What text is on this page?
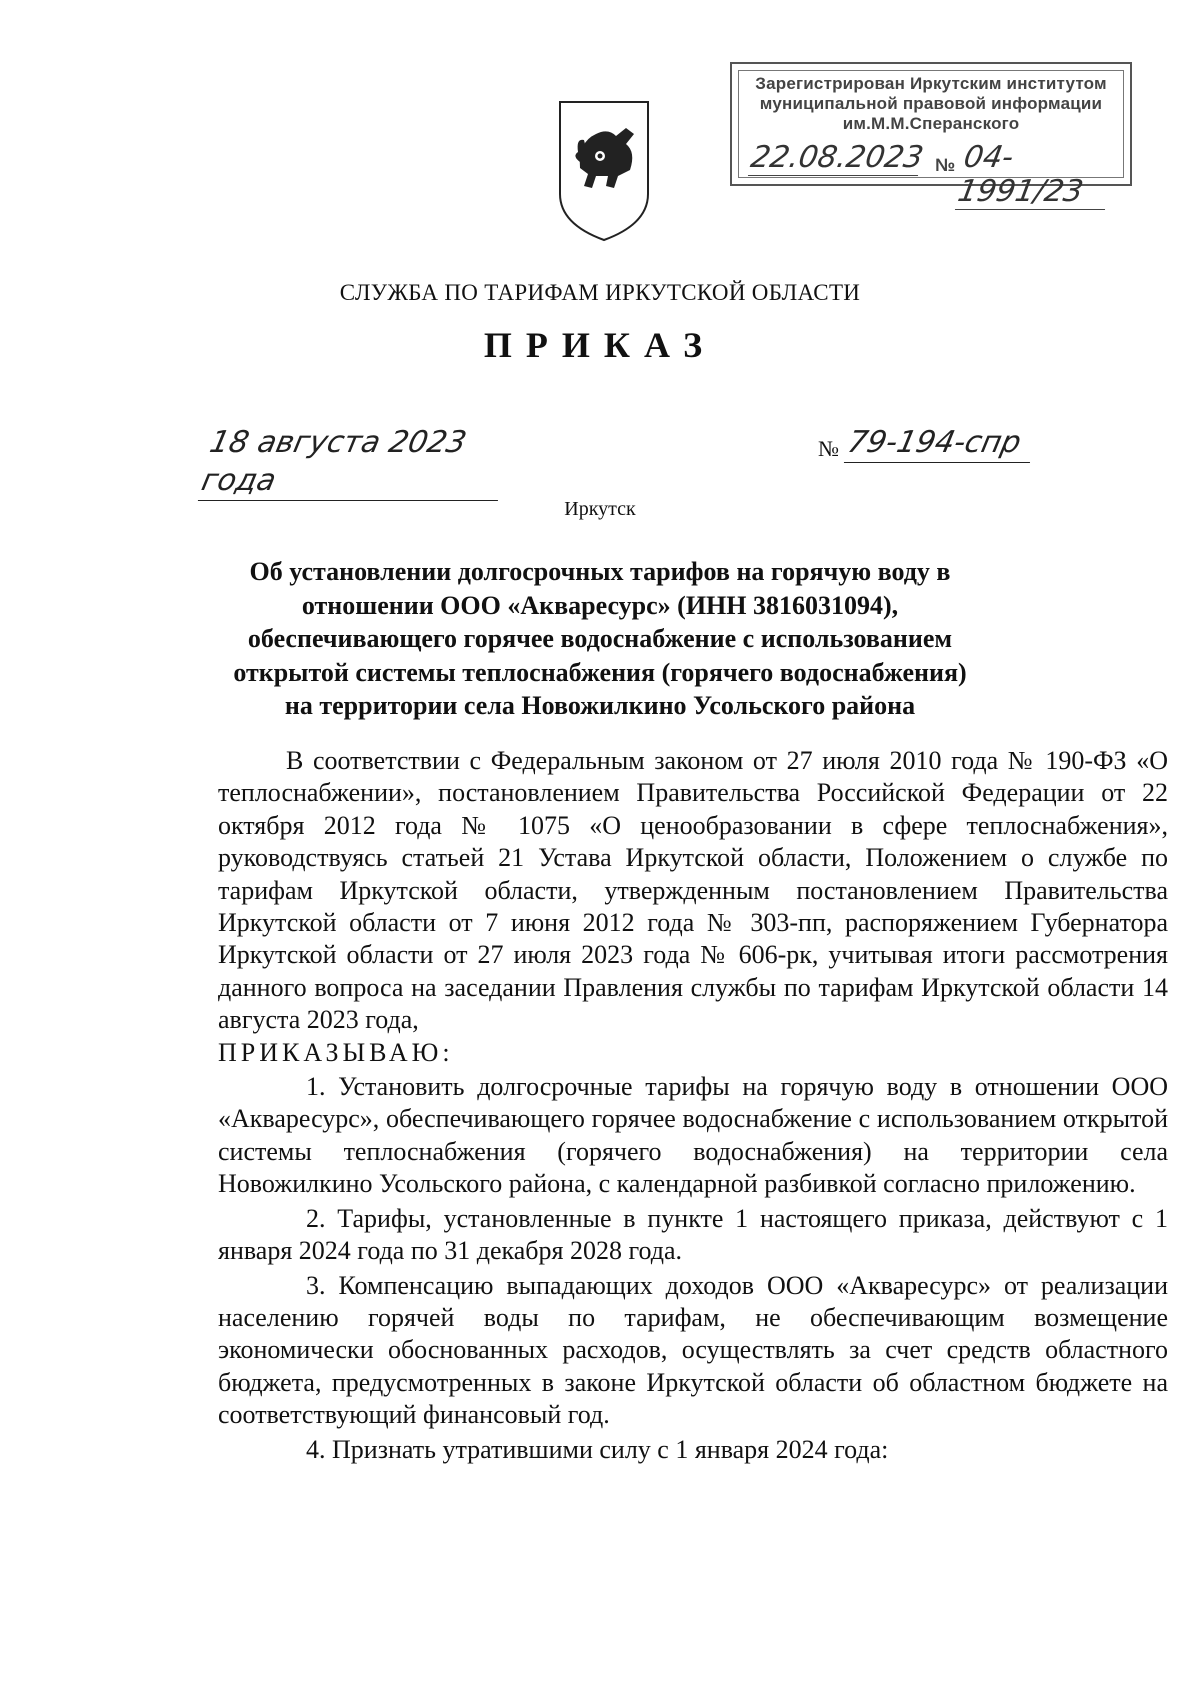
Зарегистрирован Иркутским институтом
муниципальной правовой информации
им.М.М.Сперанского
22.08.2023 № 04-1991/23
СЛУЖБА ПО ТАРИФАМ ИРКУТСКОЙ ОБЛАСТИ
ПРИКАЗ
18 августа 2023 года
№ 79-194-спр
Иркутск
Об установлении долгосрочных тарифов на горячую воду в отношении ООО «Акваресурс» (ИНН 3816031094), обеспечивающего горячее водоснабжение с использованием открытой системы теплоснабжения (горячего водоснабжения) на территории села Новожилкино Усольского района

В соответствии с Федеральным законом от 27 июля 2010 года № 190-ФЗ «О теплоснабжении», постановлением Правительства Российской Федерации от 22 октября 2012 года № 1075 «О ценообразовании в сфере теплоснабжения», руководствуясь статьей 21 Устава Иркутской области, Положением о службе по тарифам Иркутской области, утвержденным постановлением Правительства Иркутской области от 7 июня 2012 года № 303-пп, распоряжением Губернатора Иркутской области от 27 июля 2023 года № 606-рк, учитывая итоги рассмотрения данного вопроса на заседании Правления службы по тарифам Иркутской области 14 августа 2023 года,

ПРИКАЗЫВАЮ:

1. Установить долгосрочные тарифы на горячую воду в отношении ООО «Акваресурс», обеспечивающего горячее водоснабжение с использованием открытой системы теплоснабжения (горячего водоснабжения) на территории села Новожилкино Усольского района, с календарной разбивкой согласно приложению.

2. Тарифы, установленные в пункте 1 настоящего приказа, действуют с 1 января 2024 года по 31 декабря 2028 года.

3. Компенсацию выпадающих доходов ООО «Акваресурс» от реализации населению горячей воды по тарифам, не обеспечивающим возмещение экономически обоснованных расходов, осуществлять за счет средств областного бюджета, предусмотренных в законе Иркутской области об областном бюджете на соответствующий финансовый год.

4. Признать утратившими силу с 1 января 2024 года:
